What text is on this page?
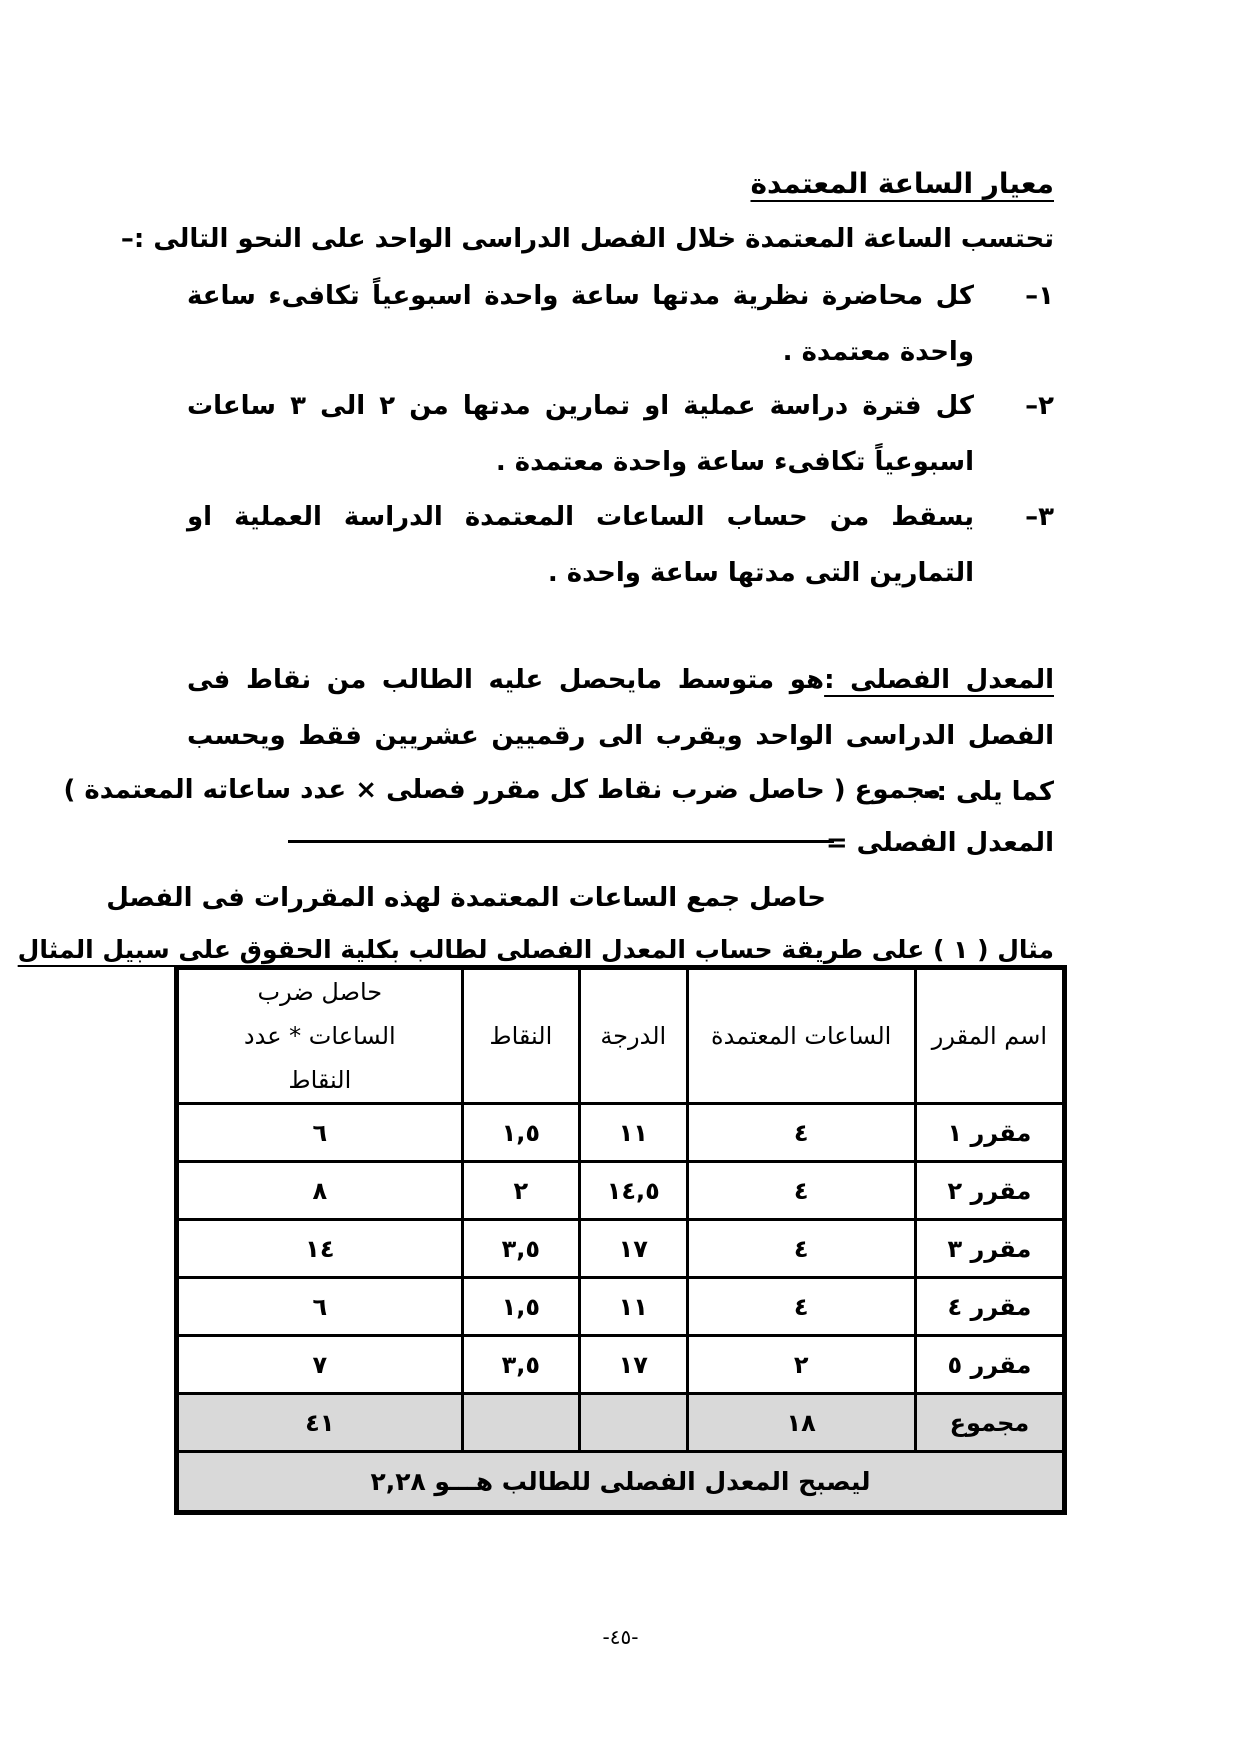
معيار الساعة المعتمدة
تحتسب الساعة المعتمدة خلال الفصل الدراسى الواحد على النحو التالى :–
١–
كل محاضرة نظرية مدتها ساعة واحدة اسبوعياً تكافىء ساعة واحدة معتمدة .
٢–
كل فترة دراسة عملية او تمارين مدتها من ٢ الى ٣ ساعات اسبوعياً تكافىء ساعة واحدة معتمدة .
٣–
يسقط من حساب الساعات المعتمدة الدراسة العملية او التمارين التى مدتها ساعة واحدة .
المعدل الفصلى :هو متوسط مايحصل عليه الطالب من نقاط فى الفصل الدراسى الواحد ويقرب الى رقميين عشريين فقط ويحسب كما يلى :–
مجموع ( حاصل ضرب نقاط كل مقرر فصلى × عدد ساعاته المعتمدة )
المعدل الفصلى =
حاصل جمع الساعات المعتمدة لهذه المقررات فى الفصل
مثال ( ١ ) على طريقة حساب المعدل الفصلى لطالب بكلية الحقوق على سبيل المثال
اسم المقرر	الساعات المعتمدة	الدرجة	النقاط	حاصل ضرب الساعات * عدد النقاط
مقرر ١	٤	١١	١,٥	٦
مقرر ٢	٤	١٤,٥	٢	٨
مقرر ٣	٤	١٧	٣,٥	١٤
مقرر ٤	٤	١١	١,٥	٦
مقرر ٥	٢	١٧	٣,٥	٧
مجموع	١٨			٤١
ليصبح المعدل الفصلى للطالب هـــو ٢,٢٨				
-٤٥-
